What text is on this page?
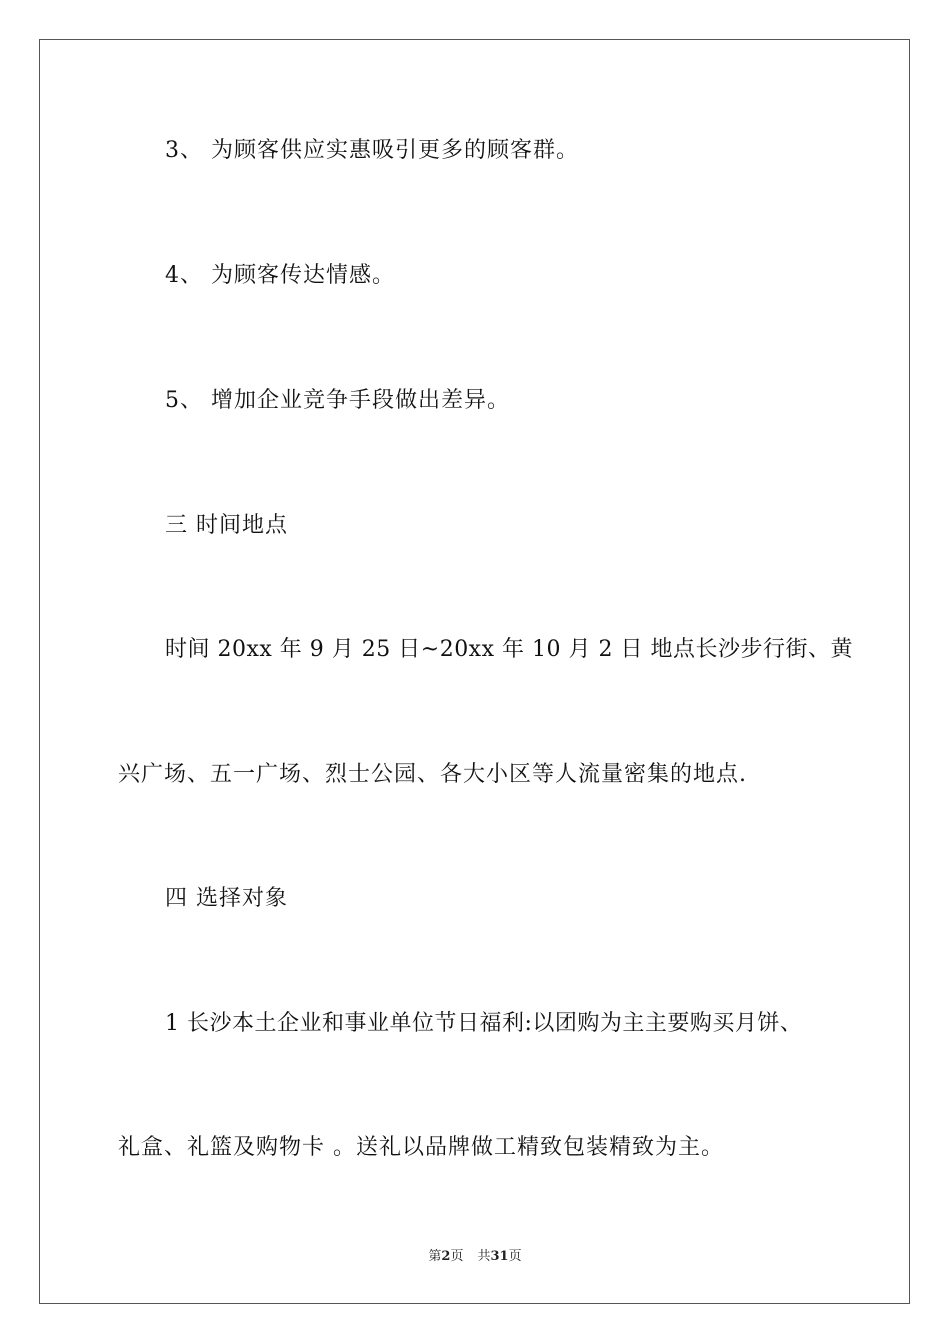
3、 为顾客供应实惠吸引更多的顾客群。
4、 为顾客传达情感。
5、 增加企业竞争手段做出差异。
三 时间地点
时间 20xx 年 9 月 25 日~20xx 年 10 月 2 日 地点长沙步行街、黄
兴广场、五一广场、烈士公园、各大小区等人流量密集的地点.
四 选择对象
1 长沙本土企业和事业单位节日福利:以团购为主主要购买月饼、
礼盒、礼篮及购物卡 。送礼以品牌做工精致包装精致为主。
第2页 共31页
